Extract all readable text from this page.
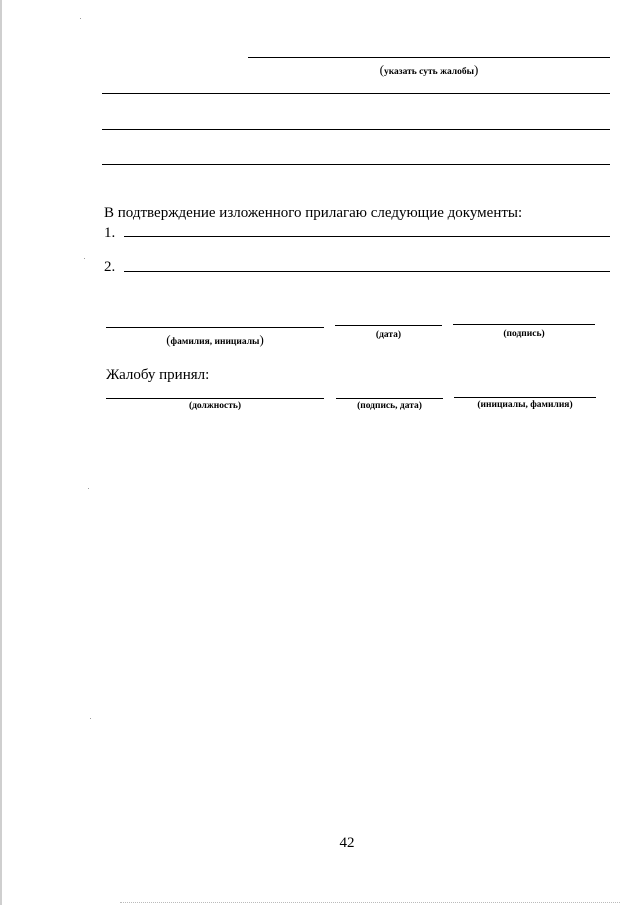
(указать суть жалобы)
В подтверждение изложенного прилагаю следующие документы:
1.
2.
(фамилия, инициалы)	(дата)	(подпись)
Жалобу принял:
(должность)	(подпись, дата)	(инициалы, фамилия)
42
